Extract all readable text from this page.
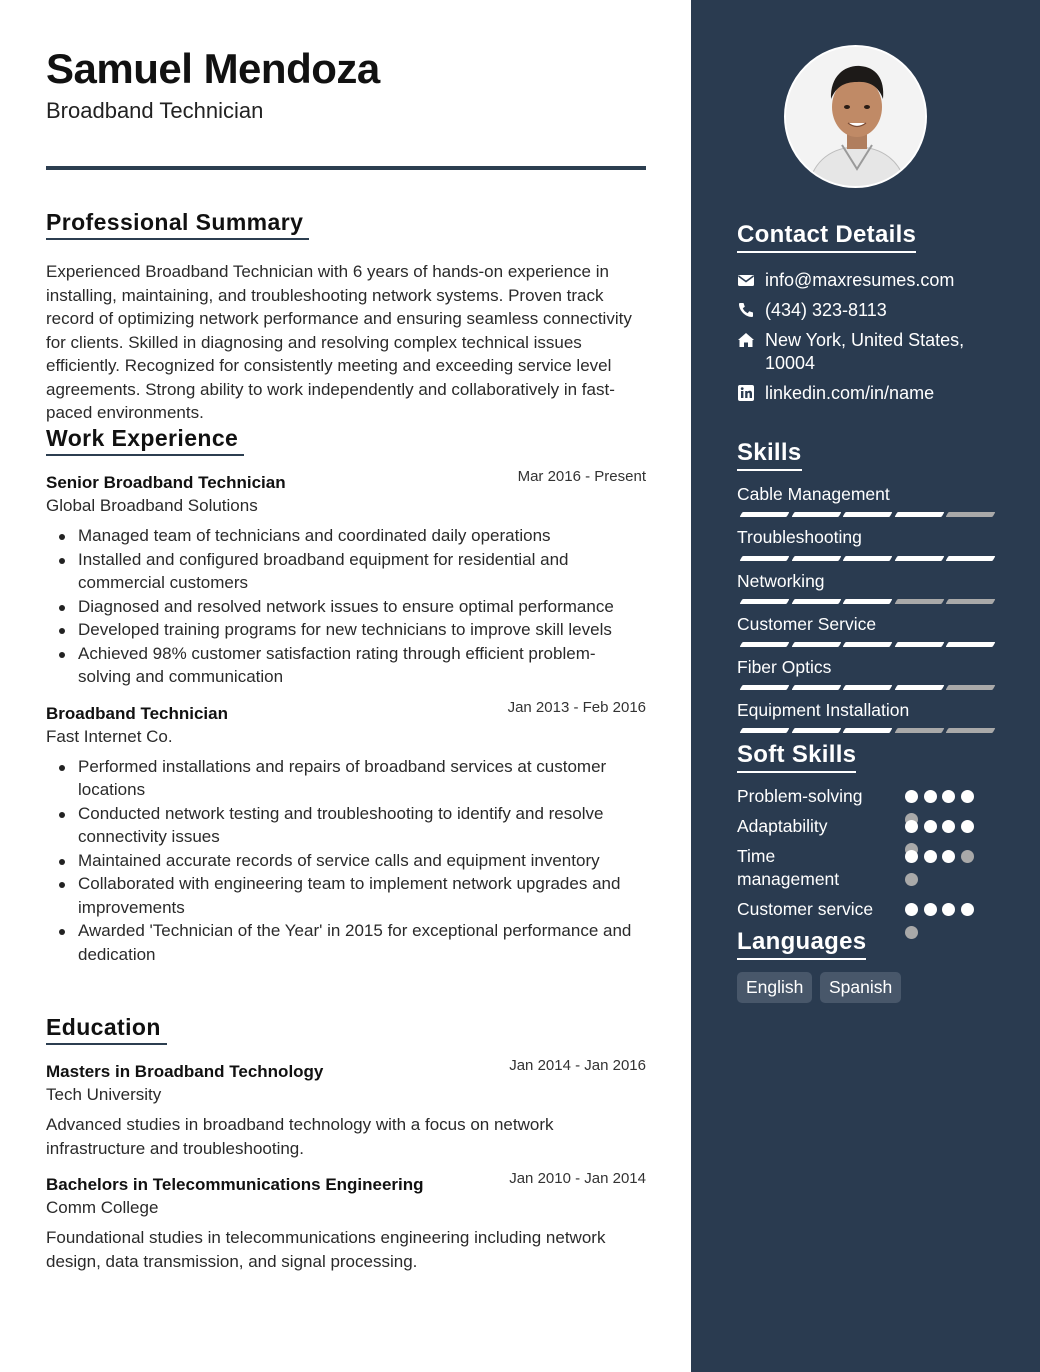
Samuel Mendoza
Broadband Technician
Professional Summary
Experienced Broadband Technician with 6 years of hands-on experience in installing, maintaining, and troubleshooting network systems. Proven track record of optimizing network performance and ensuring seamless connectivity for clients. Skilled in diagnosing and resolving complex technical issues efficiently. Recognized for consistently meeting and exceeding service level agreements. Strong ability to work independently and collaboratively in fast-paced environments.
Work Experience
Senior Broadband Technician	Mar 2016 - Present
Global Broadband Solutions
Managed team of technicians and coordinated daily operations
Installed and configured broadband equipment for residential and commercial customers
Diagnosed and resolved network issues to ensure optimal performance
Developed training programs for new technicians to improve skill levels
Achieved 98% customer satisfaction rating through efficient problem-solving and communication
Broadband Technician	Jan 2013 - Feb 2016
Fast Internet Co.
Performed installations and repairs of broadband services at customer locations
Conducted network testing and troubleshooting to identify and resolve connectivity issues
Maintained accurate records of service calls and equipment inventory
Collaborated with engineering team to implement network upgrades and improvements
Awarded 'Technician of the Year' in 2015 for exceptional performance and dedication
Education
Masters in Broadband Technology	Jan 2014 - Jan 2016
Tech University
Advanced studies in broadband technology with a focus on network infrastructure and troubleshooting.
Bachelors in Telecommunications Engineering	Jan 2010 - Jan 2014
Comm College
Foundational studies in telecommunications engineering including network design, data transmission, and signal processing.
Contact Details
info@maxresumes.com
(434) 323-8113
New York, United States, 10004
linkedin.com/in/name
Skills
Cable Management
Troubleshooting
Networking
Customer Service
Fiber Optics
Equipment Installation
Soft Skills
Problem-solving
Adaptability
Time management
Customer service
Languages
English	Spanish
